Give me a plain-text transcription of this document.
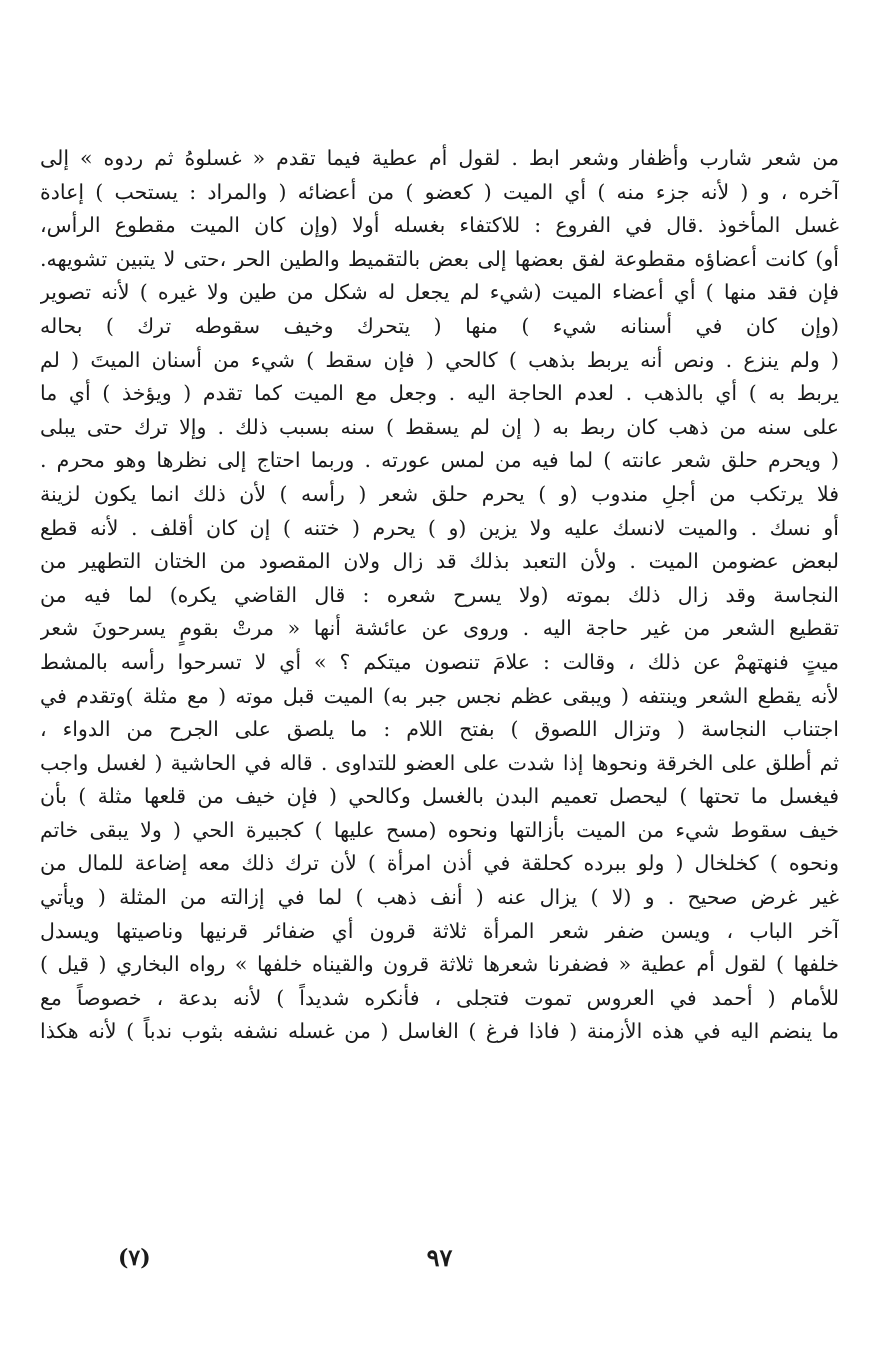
من شعر شارب وأظفار وشعر ابط . لقول أم عطية فيما تقدم « غسلوهُ ثم ردوه » إلى
آخره ، و ( لأنه جزء منه ) أي الميت ( كعضو ) من أعضائه ( والمراد : يستحب ) إعادة
غسل المأخوذ .قال في الفروع : للاكتفاء بغسله أولا (وإن كان الميت مقطوع الرأس،
أو) كانت أعضاؤه مقطوعة لفق بعضها إلى بعض بالتقميط والطين الحر ،حتى لا يتبين تشويهه.
فإن فقد منها ) أي أعضاء الميت (شيء لم يجعل له شكل من طين ولا غيره ) لأنه تصوير
(وإن كان في أسنانه شيء ) منها ( يتحرك وخيف سقوطه ترك ) بحاله
( ولم ينزع . ونص أنه يربط بذهب ) كالحي ( فإن سقط ) شيء من أسنان الميتَ ( لم
يربط به ) أي بالذهب . لعدم الحاجة اليه . وجعل مع الميت كما تقدم ( ويؤخذ ) أي ما
على سنه من ذهب كان ربط به ( إن لم يسقط ) سنه بسبب ذلك . وإلا ترك حتى يبلى
( ويحرم حلق شعر عانته ) لما فيه من لمس عورته . وربما احتاج إلى نظرها وهو محرم .
فلا يرتكب من أجلِ مندوب (و ) يحرم حلق شعر ( رأسه ) لأن ذلك انما يكون لزينة
أو نسك . والميت لانسك عليه ولا يزين (و ) يحرم ( ختنه ) إن كان أقلف . لأنه قطع
لبعض عضومن الميت . ولأن التعبد بذلك قد زال ولان المقصود من الختان التطهير من
النجاسة وقد زال ذلك بموته (ولا يسرح شعره : قال القاضي يكره) لما فيه من
تقطيع الشعر من غير حاجة اليه . وروى عن عائشة أنها « مرتْ بقومٍ يسرحونَ شعر
ميتٍ فنهتهمْ عن ذلك ، وقالت : علامَ تنصون ميتكم ؟ » أي لا تسرحوا رأسه بالمشط
لأنه يقطع الشعر وينتفه ( ويبقى عظم نجس جبر به) الميت قبل موته ( مع مثلة )وتقدم في
اجتناب النجاسة ( وتزال اللصوق ) بفتح اللام : ما يلصق على الجرح من الدواء ،
ثم أطلق على الخرقة ونحوها إذا شدت على العضو للتداوى . قاله في الحاشية ( لغسل واجب
فيغسل ما تحتها ) ليحصل تعميم البدن بالغسل وكالحي ( فإن خيف من قلعها مثلة ) بأن
خيف سقوط شيء من الميت بأزالتها ونحوه (مسح عليها ) كجبيرة الحي ( ولا يبقى خاتم
ونحوه ) كخلخال ( ولو ببرده كحلقة في أذن امرأة ) لأن ترك ذلك معه إضاعة للمال من
غير غرض صحيح . و (لا ) يزال عنه ( أنف ذهب ) لما في إزالته من المثلة ( ويأتي
آخر الباب ، ويسن ضفر شعر المرأة ثلاثة قرون أي ضفائر قرنيها وناصيتها ويسدل
خلفها ) لقول أم عطية « فضفرنا شعرها ثلاثة قرون والقيناه خلفها » رواه البخاري ( قيل )
للأمام ( أحمد في العروس تموت فتجلى ، فأنكره شديداً ) لأنه بدعة ، خصوصاً مع
ما ينضم اليه في هذه الأزمنة ( فاذا فرغ ) الغاسل ( من غسله نشفه بثوب ندباً ) لأنه هكذا
٩٧
(٧)
